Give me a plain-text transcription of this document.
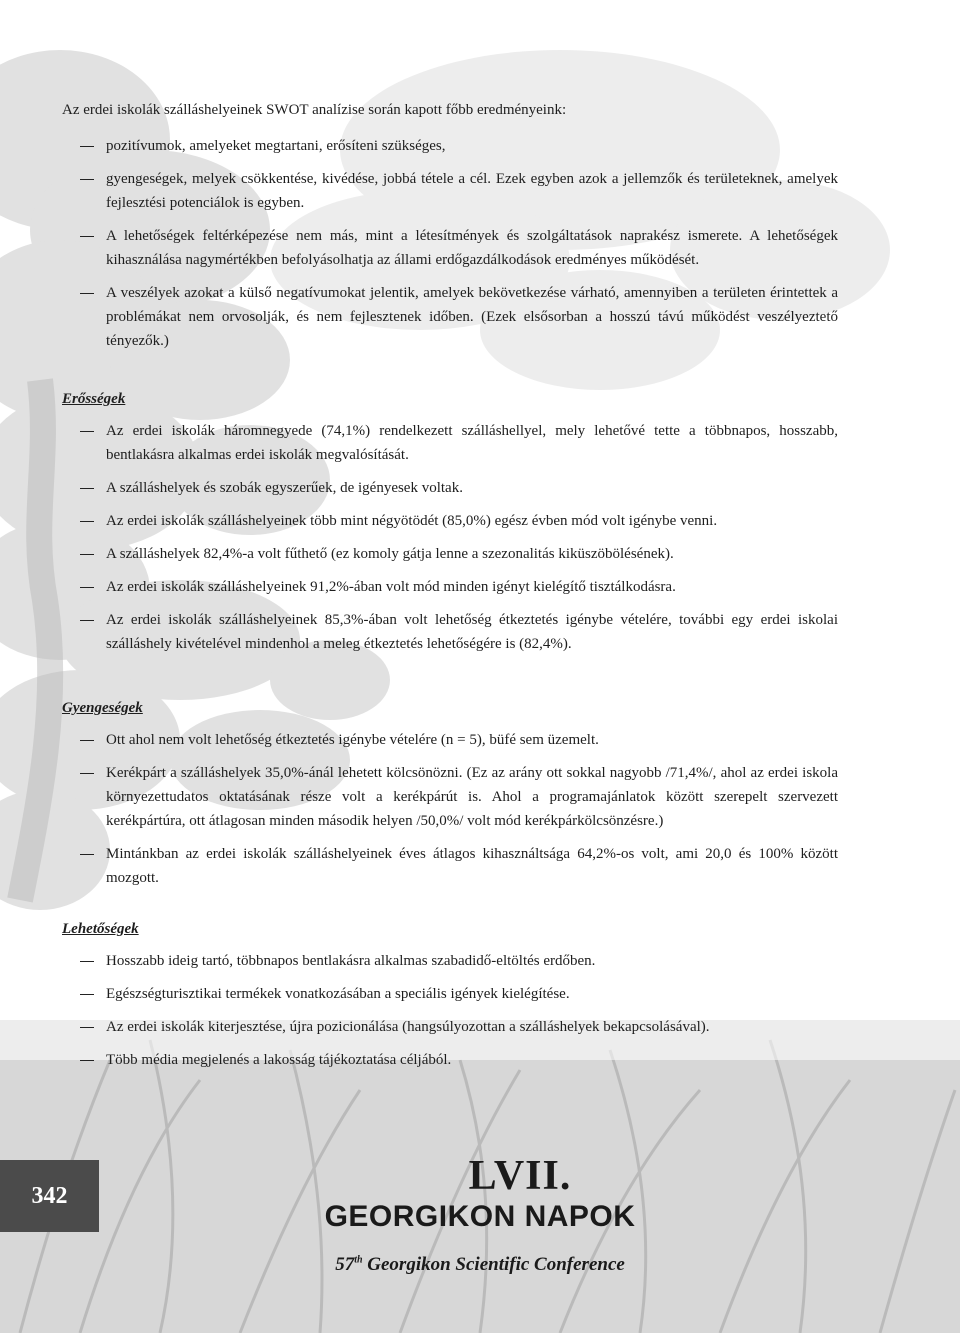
Az erdei iskolák szálláshelyeinek SWOT analízise során kapott főbb eredményeink:

pozitívumok, amelyeket megtartani, erősíteni szükséges,
gyengeségek, melyek csökkentése, kivédése, jobbá tétele a cél. Ezek egyben azok a jellemzők és területeknek, amelyek fejlesztési potenciálok is egyben.
A lehetőségek feltérképezése nem más, mint a létesítmények és szolgáltatások naprakész ismerete. A lehetőségek kihasználása nagymértékben befolyásolhatja az állami erdőgazdálkodások eredményes működését.
A veszélyek azokat a külső negatívumokat jelentik, amelyek bekövetkezése várható, amennyiben a területen érintettek a problémákat nem orvosolják, és nem fejlesztenek időben. (Ezek elsősorban a hosszú távú működést veszélyeztető tényezők.)
Erősségek
Az erdei iskolák háromnegyede (74,1%) rendelkezett szálláshellyel, mely lehetővé tette a többnapos, hosszabb, bentlakásra alkalmas erdei iskolák megvalósítását.
A szálláshelyek és szobák egyszerűek, de igényesek voltak.
Az erdei iskolák szálláshelyeinek több mint négyötödét (85,0%) egész évben mód volt igénybe venni.
A szálláshelyek 82,4%-a volt fűthető (ez komoly gátja lenne a szezonalitás kiküszöbölésének).
Az erdei iskolák szálláshelyeinek 91,2%-ában volt mód minden igényt kielégítő tisztálkodásra.
Az erdei iskolák szálláshelyeinek 85,3%-ában volt lehetőség étkeztetés igénybe vételére, további egy erdei iskolai szálláshely kivételével mindenhol a meleg étkeztetés lehetőségére is (82,4%).
Gyengeségek
Ott ahol nem volt lehetőség étkeztetés igénybe vételére (n = 5), büfé sem üzemelt.
Kerékpárt a szálláshelyek 35,0%-ánál lehetett kölcsönözni. (Ez az arány ott sokkal nagyobb /71,4%/, ahol az erdei iskola környezettudatos oktatásának része volt a kerékpárút is. Ahol a programajánlatok között szerepelt szervezett kerékpártúra, ott átlagosan minden második helyen /50,0%/ volt mód kerékpárkölcsönzésre.)
Mintánkban az erdei iskolák szálláshelyeinek éves átlagos kihasználtsága 64,2%-os volt, ami 20,0 és 100% között mozgott.
Lehetőségek
Hosszabb ideig tartó, többnapos bentlakásra alkalmas szabadidő-eltöltés erdőben.
Egészségturisztikai termékek vonatkozásában a speciális igények kielégítése.
Az erdei iskolák kiterjesztése, újra pozicionálása (hangsúlyozottan a szálláshelyek bekapcsolásával).
Több média megjelenés a lakosság tájékoztatása céljából.
342	LVII.
GEORGIKON NAPOK
57th Georgikon Scientific Conference
